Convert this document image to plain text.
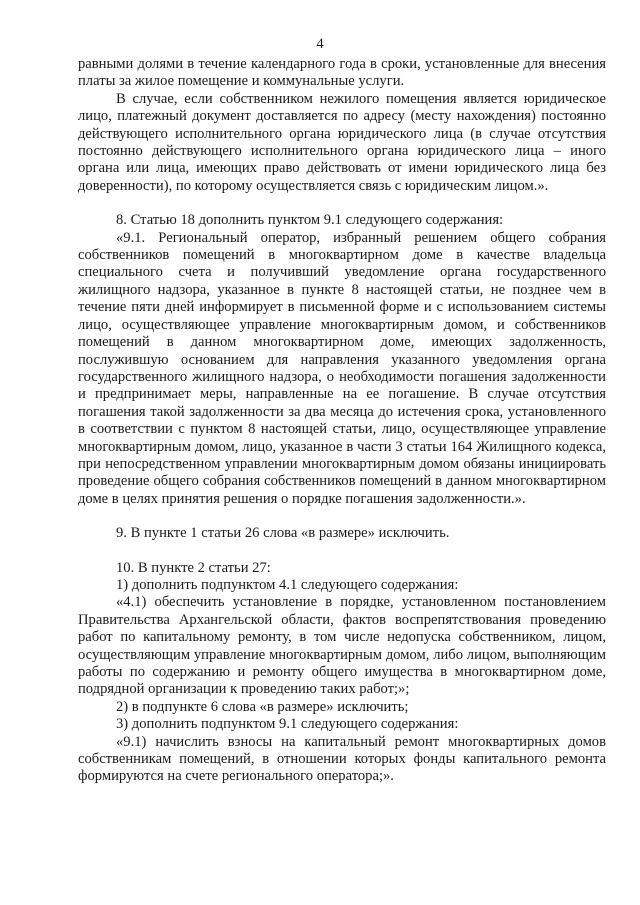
4

равными долями в течение календарного года в сроки, установленные для внесения платы за жилое помещение и коммунальные услуги.

В случае, если собственником нежилого помещения является юридическое лицо, платежный документ доставляется по адресу (месту нахождения) постоянно действующего исполнительного органа юридического лица (в случае отсутствия постоянно действующего исполнительного органа юридического лица – иного органа или лица, имеющих право действовать от имени юридического лица без доверенности), по которому осуществляется связь с юридическим лицом.».

8. Статью 18 дополнить пунктом 9.1 следующего содержания:

«9.1. Региональный оператор, избранный решением общего собрания собственников помещений в многоквартирном доме в качестве владельца специального счета и получивший уведомление органа государственного жилищного надзора, указанное в пункте 8 настоящей статьи, не позднее чем в течение пяти дней информирует в письменной форме и с использованием системы лицо, осуществляющее управление многоквартирным домом, и собственников помещений в данном многоквартирном доме, имеющих задолженность, послужившую основанием для направления указанного уведомления органа государственного жилищного надзора, о необходимости погашения задолженности и предпринимает меры, направленные на ее погашение. В случае отсутствия погашения такой задолженности за два месяца до истечения срока, установленного в соответствии с пунктом 8 настоящей статьи, лицо, осуществляющее управление многоквартирным домом, лицо, указанное в части 3 статьи 164 Жилищного кодекса, при непосредственном управлении многоквартирным домом обязаны инициировать проведение общего собрания собственников помещений в данном многоквартирном доме в целях принятия решения о порядке погашения задолженности.».

9. В пункте 1 статьи 26 слова «в размере» исключить.

10. В пункте 2 статьи 27:

1) дополнить подпунктом 4.1 следующего содержания:

«4.1) обеспечить установление в порядке, установленном постановлением Правительства Архангельской области, фактов воспрепятствования проведению работ по капитальному ремонту, в том числе недопуска собственником, лицом, осуществляющим управление многоквартирным домом, либо лицом, выполняющим работы по содержанию и ремонту общего имущества в многоквартирном доме, подрядной организации к проведению таких работ;»;

2) в подпункте 6 слова «в размере» исключить;

3) дополнить подпунктом 9.1 следующего содержания:

«9.1) начислить взносы на капитальный ремонт многоквартирных домов собственникам помещений, в отношении которых фонды капитального ремонта формируются на счете регионального оператора;».
